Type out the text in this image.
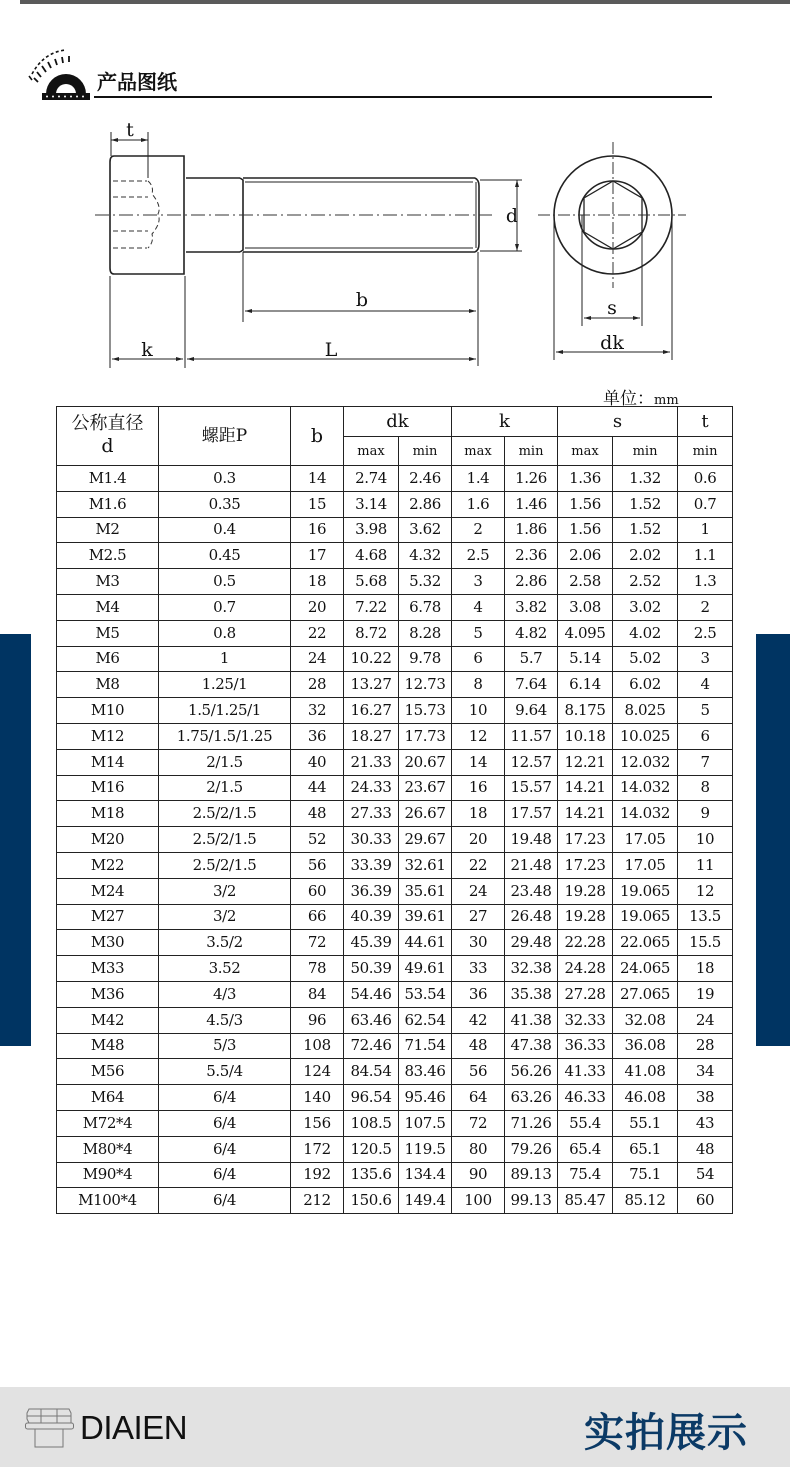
产品图纸
t
d
b
k	L
s
dk
单位：mm
公称直径
d	螺距P	b	dk		k		s		t
			max	min	max	min	max	min	min
M1.4	0.3	14	2.74	2.46	1.4	1.26	1.36	1.32	0.6
M1.6	0.35	15	3.14	2.86	1.6	1.46	1.56	1.52	0.7
M2	0.4	16	3.98	3.62	2	1.86	1.56	1.52	1
M2.5	0.45	17	4.68	4.32	2.5	2.36	2.06	2.02	1.1
M3	0.5	18	5.68	5.32	3	2.86	2.58	2.52	1.3
M4	0.7	20	7.22	6.78	4	3.82	3.08	3.02	2
M5	0.8	22	8.72	8.28	5	4.82	4.095	4.02	2.5
M6	1	24	10.22	9.78	6	5.7	5.14	5.02	3
M8	1.25/1	28	13.27	12.73	8	7.64	6.14	6.02	4
M10	1.5/1.25/1	32	16.27	15.73	10	9.64	8.175	8.025	5
M12	1.75/1.5/1.25	36	18.27	17.73	12	11.57	10.18	10.025	6
M14	2/1.5	40	21.33	20.67	14	12.57	12.21	12.032	7
M16	2/1.5	44	24.33	23.67	16	15.57	14.21	14.032	8
M18	2.5/2/1.5	48	27.33	26.67	18	17.57	14.21	14.032	9
M20	2.5/2/1.5	52	30.33	29.67	20	19.48	17.23	17.05	10
M22	2.5/2/1.5	56	33.39	32.61	22	21.48	17.23	17.05	11
M24	3/2	60	36.39	35.61	24	23.48	19.28	19.065	12
M27	3/2	66	40.39	39.61	27	26.48	19.28	19.065	13.5
M30	3.5/2	72	45.39	44.61	30	29.48	22.28	22.065	15.5
M33	3.52	78	50.39	49.61	33	32.38	24.28	24.065	18
M36	4/3	84	54.46	53.54	36	35.38	27.28	27.065	19
M42	4.5/3	96	63.46	62.54	42	41.38	32.33	32.08	24
M48	5/3	108	72.46	71.54	48	47.38	36.33	36.08	28
M56	5.5/4	124	84.54	83.46	56	56.26	41.33	41.08	34
M64	6/4	140	96.54	95.46	64	63.26	46.33	46.08	38
M72*4	6/4	156	108.5	107.5	72	71.26	55.4	55.1	43
M80*4	6/4	172	120.5	119.5	80	79.26	65.4	65.1	48
M90*4	6/4	192	135.6	134.4	90	89.13	75.4	75.1	54
M100*4	6/4	212	150.6	149.4	100	99.13	85.47	85.12	60
DIAIEN	实拍展示
